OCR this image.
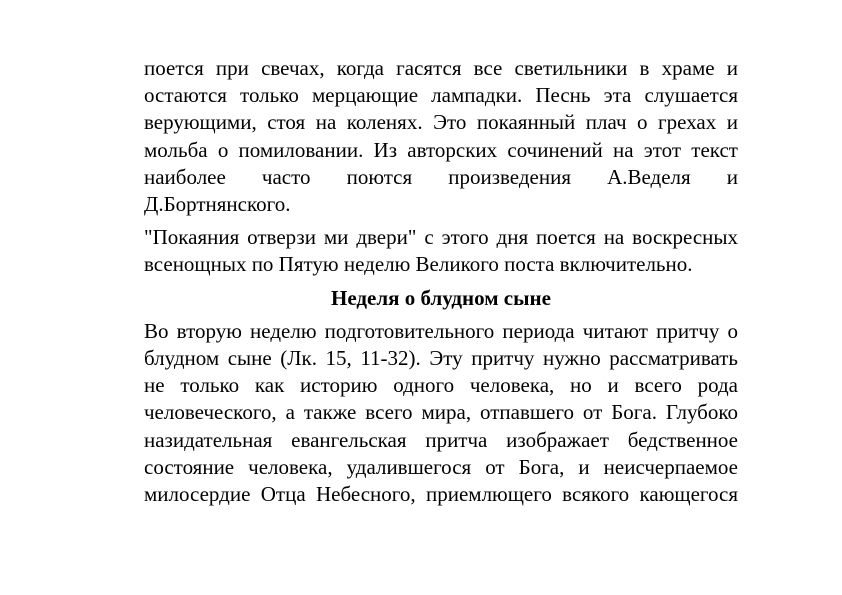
поется при свечах, когда гасятся все светильники в храме и
остаются только мерцающие лампадки. Песнь эта слушается
верующими, стоя на коленях. Это покаянный плач о грехах и
мольба о помиловании. Из авторских сочинений на этот текст
наиболее часто поются произведения А.Веделя и
Д.Бортнянского.
"Покаяния отверзи ми двери" с этого дня поется на воскресных
всенощных по Пятую неделю Великого поста включительно.
Неделя о блудном сыне
Во вторую неделю подготовительного периода читают притчу о
блудном сыне (Лк. 15, 11-32). Эту притчу нужно рассматривать
не только как историю одного человека, но и всего рода
человеческого, а также всего мира, отпавшего от Бога. Глубоко
назидательная евангельская притча изображает бедственное
состояние человека, удалившегося от Бога, и неисчерпаемое
милосердие Отца Небесного, приемлющего всякого кающегося
